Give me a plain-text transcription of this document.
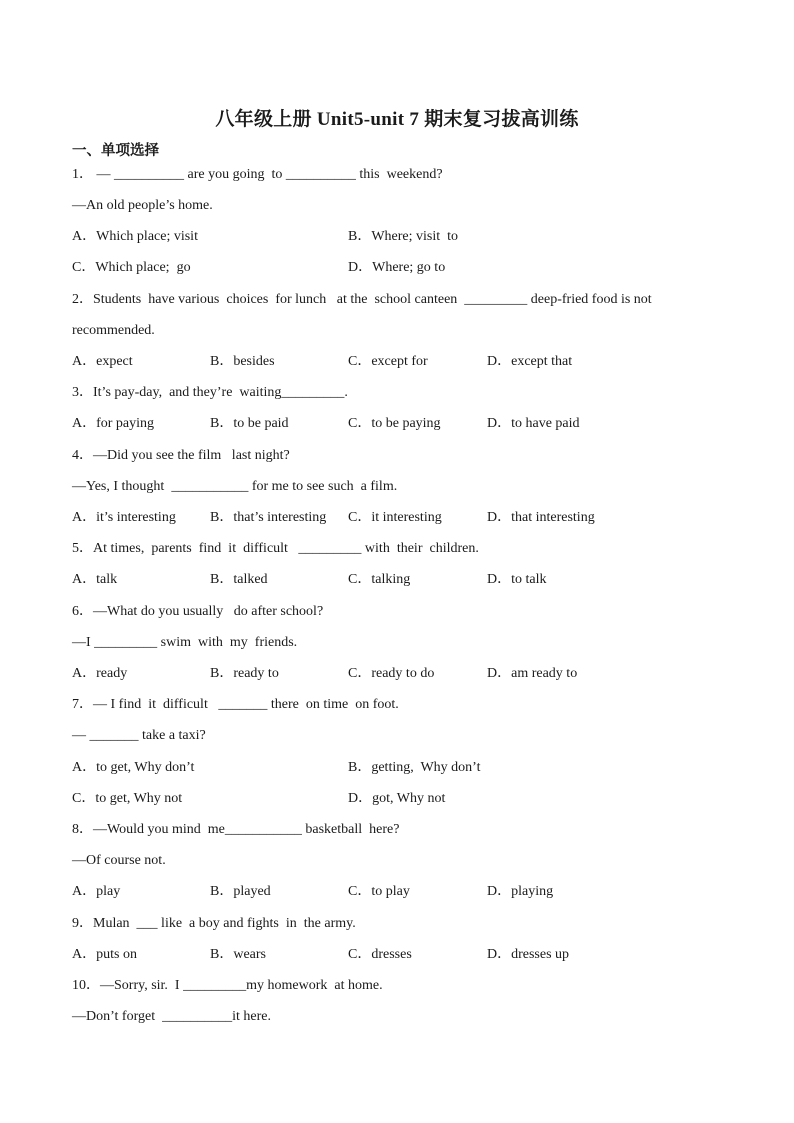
八年级上册 Unit5-unit 7 期末复习拔高训练
一、单项选择
1． — __________ are you going  to __________ this  weekend?
—An old people’s home.
A．Which place; visit	B．Where; visit  to
C．Which place;  go	D．Where; go to
2．Students  have various  choices  for lunch   at the  school canteen  _________ deep-fried food is not
recommended.
A．expect	B．besides	C．except for	D．except that
3．It’s pay-day,  and they’re  waiting_________.
A．for paying	B．to be paid	C．to be paying	D．to have paid
4．—Did you see the film   last night?
—Yes, I thought  ___________ for me to see such  a film.
A．it’s interesting B．that’s interesting C．it interesting	D．that interesting
5．At times,  parents  find  it  difficult   _________ with  their  children.
A．talk	B．talked	C．talking	D．to talk
6．—What do you usually   do after school?
—I _________ swim  with  my  friends.
A．ready	B．ready to	C．ready to do	D．am ready to
7．— I find  it  difficult   _______ there  on time  on foot.
— _______ take a taxi?
A．to get, Why don’t	B．getting,  Why don’t
C．to get, Why not	D．got, Why not
8．—Would you mind  me___________ basketball  here?
—Of course not.
A．play	B．played	C．to play	D．playing
9．Mulan  ___ like  a boy and fights  in  the army.
A．puts on	B．wears	C．dresses	D．dresses up
10．—Sorry, sir.  I _________my homework  at home.
—Don’t forget  __________it here.
